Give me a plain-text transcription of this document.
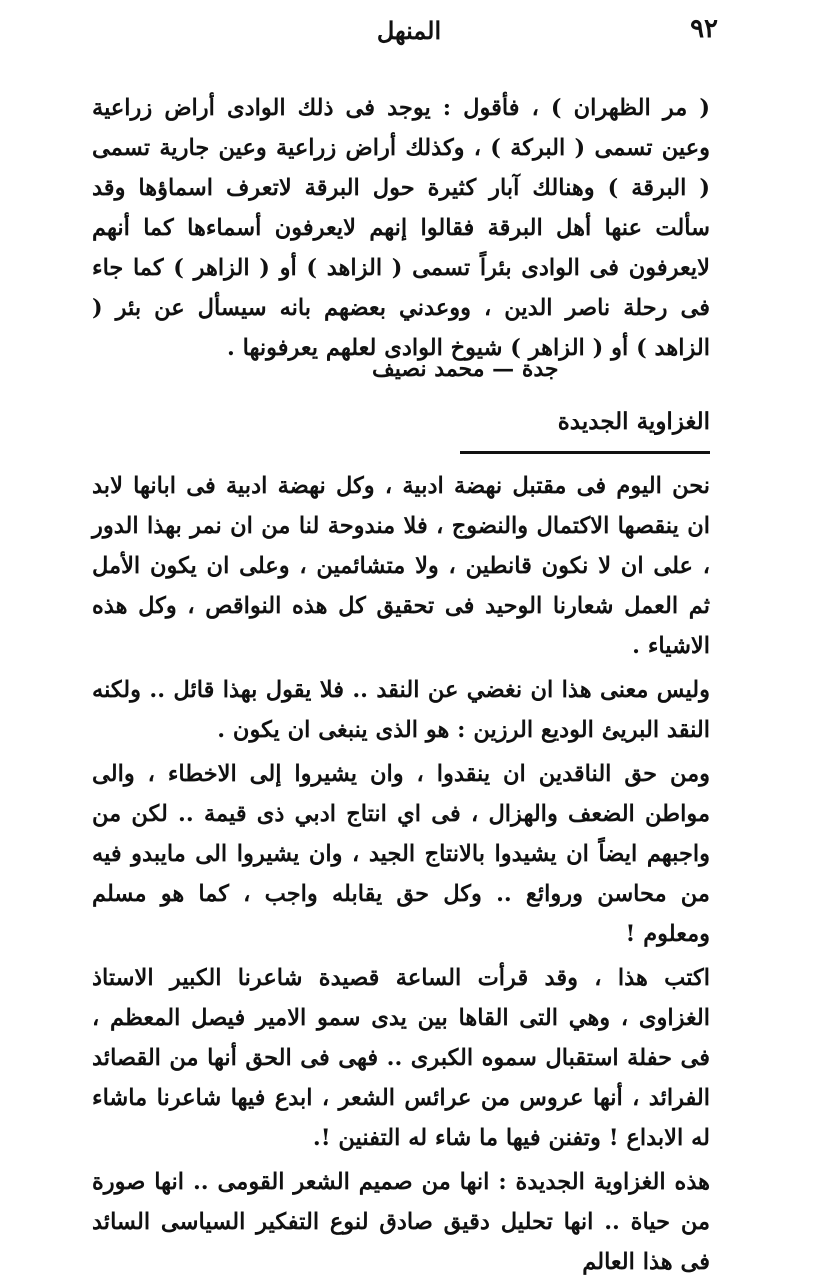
٩٢
المنهل

( مر الظهران ) ، فأقول : يوجد فى ذلك الوادى أراض زراعية وعين تسمى ( البركة ) ، وكذلك أراض زراعية وعين جارية تسمى ( البرقة ) وهنالك آبار كثيرة حول البرقة لاتعرف اسماؤها وقد سألت عنها أهل البرقة فقالوا إنهم لايعرفون أسماءها كما أنهم لايعرفون فى الوادى بئراً تسمى ( الزاهد ) أو ( الزاهر ) كما جاء فى رحلة ناصر الدين ، ووعدني بعضهم بانه سيسأل عن بئر ( الزاهد ) أو ( الزاهر ) شيوخ الوادى لعلهم يعرفونها .

جدة — محمد نصيف
الغزاوية الجديدة

نحن اليوم فى مقتبل نهضة ادبية ، وكل نهضة ادبية فى ابانها لابد ان ينقصها الاكتمال والنضوج ، فلا مندوحة لنا من ان نمر بهذا الدور ، على ان لا نكون قانطين ، ولا متشائمين ، وعلى ان يكون الأمل ثم العمل شعارنا الوحيد فى تحقيق كل هذه النواقص ، وكل هذه الاشياء .

وليس معنى هذا ان نغضي عن النقد .. فلا يقول بهذا قائل .. ولكنه النقد البريئ الوديع الرزين : هو الذى ينبغى ان يكون .

ومن حق الناقدين ان ينقدوا ، وان يشيروا إلى الاخطاء ، والى مواطن الضعف والهزال ، فى اي انتاج ادبي ذى قيمة .. لكن من واجبهم ايضاً ان يشيدوا بالانتاج الجيد ، وان يشيروا الى مايبدو فيه من محاسن وروائع .. وكل حق يقابله واجب ، كما هو مسلم ومعلوم !

اكتب هذا ، وقد قرأت الساعة قصيدة شاعرنا الكبير الاستاذ الغزاوى ، وهي التى القاها بين يدى سمو الامير فيصل المعظم ، فى حفلة استقبال سموه الكبرى .. فهى فى الحق أنها من القصائد الفرائد ، أنها عروس من عرائس الشعر ، ابدع فيها شاعرنا ماشاء له الابداع ! وتفنن فيها ما شاء له التفنين !.

هذه الغزاوية الجديدة : انها من صميم الشعر القومى .. انها صورة من حياة .. انها تحليل دقيق صادق لنوع التفكير السياسى السائد فى هذا العالم
